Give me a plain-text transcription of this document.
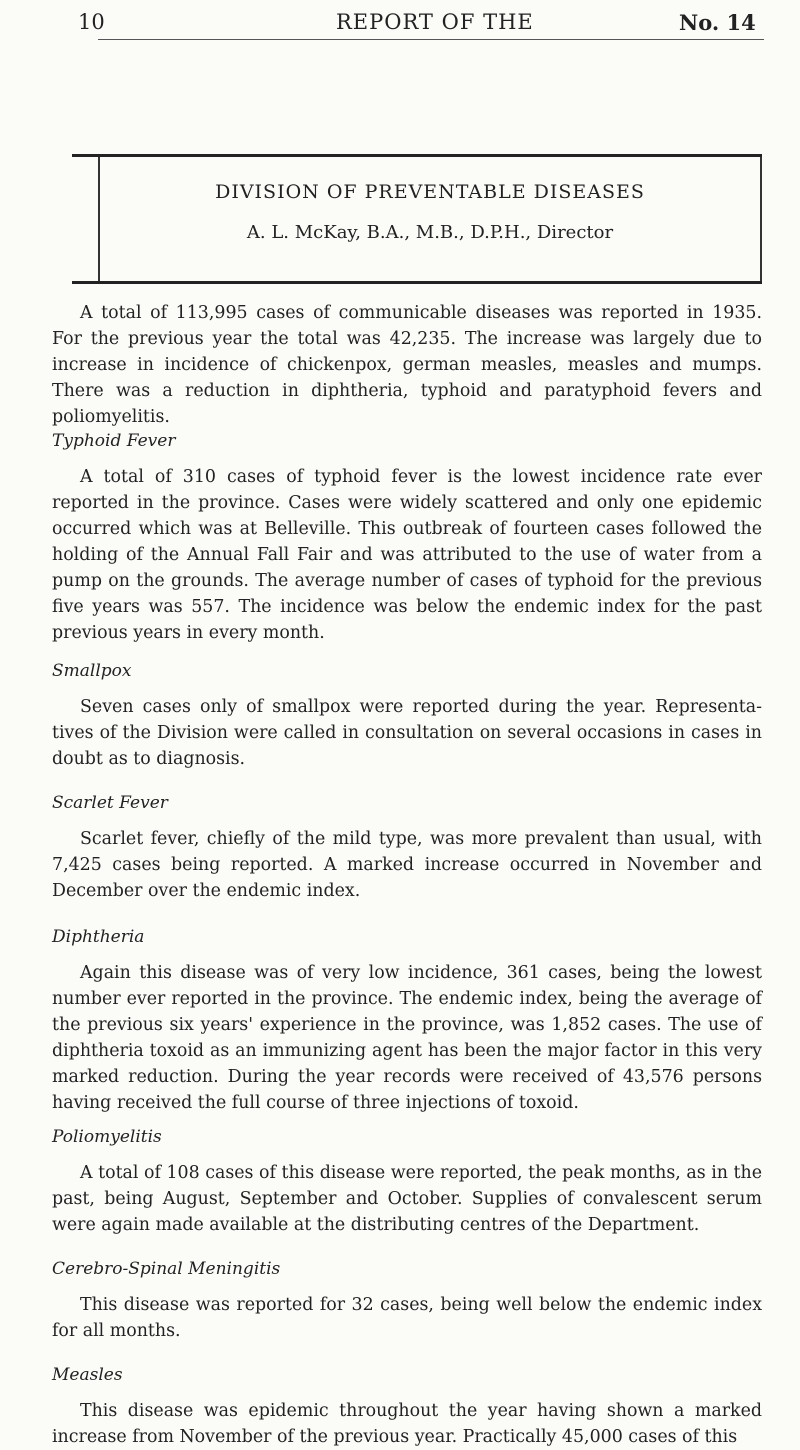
10	REPORT OF THE	No. 14
DIVISION OF PREVENTABLE DISEASES
A. L. McKay, B.A., M.B., D.P.H., Director

A total of 113,995 cases of communicable diseases was reported in 1935. For the previous year the total was 42,235. The increase was largely due to increase in incidence of chickenpox, german measles, measles and mumps. There was a reduction in diphtheria, typhoid and paratyphoid fevers and poliomyelitis.

Typhoid Fever

A total of 310 cases of typhoid fever is the lowest incidence rate ever reported in the province. Cases were widely scattered and only one epidemic occurred which was at Belleville. This outbreak of fourteen cases followed the holding of the Annual Fall Fair and was attributed to the use of water from a pump on the grounds. The average number of cases of typhoid for the previous five years was 557. The incidence was below the endemic index for the past previous years in every month.

Smallpox

Seven cases only of smallpox were reported during the year. Representa-tives of the Division were called in consultation on several occasions in cases in doubt as to diagnosis.

Scarlet Fever

Scarlet fever, chiefly of the mild type, was more prevalent than usual, with 7,425 cases being reported. A marked increase occurred in November and December over the endemic index.

Diphtheria

Again this disease was of very low incidence, 361 cases, being the lowest number ever reported in the province. The endemic index, being the average of the previous six years' experience in the province, was 1,852 cases. The use of diphtheria toxoid as an immunizing agent has been the major factor in this very marked reduction. During the year records were received of 43,576 persons having received the full course of three injections of toxoid.

Poliomyelitis

A total of 108 cases of this disease were reported, the peak months, as in the past, being August, September and October. Supplies of convalescent serum were again made available at the distributing centres of the Department.

Cerebro-Spinal Meningitis

This disease was reported for 32 cases, being well below the endemic index for all months.

Measles

This disease was epidemic throughout the year having shown a marked increase from November of the previous year. Practically 45,000 cases of this
